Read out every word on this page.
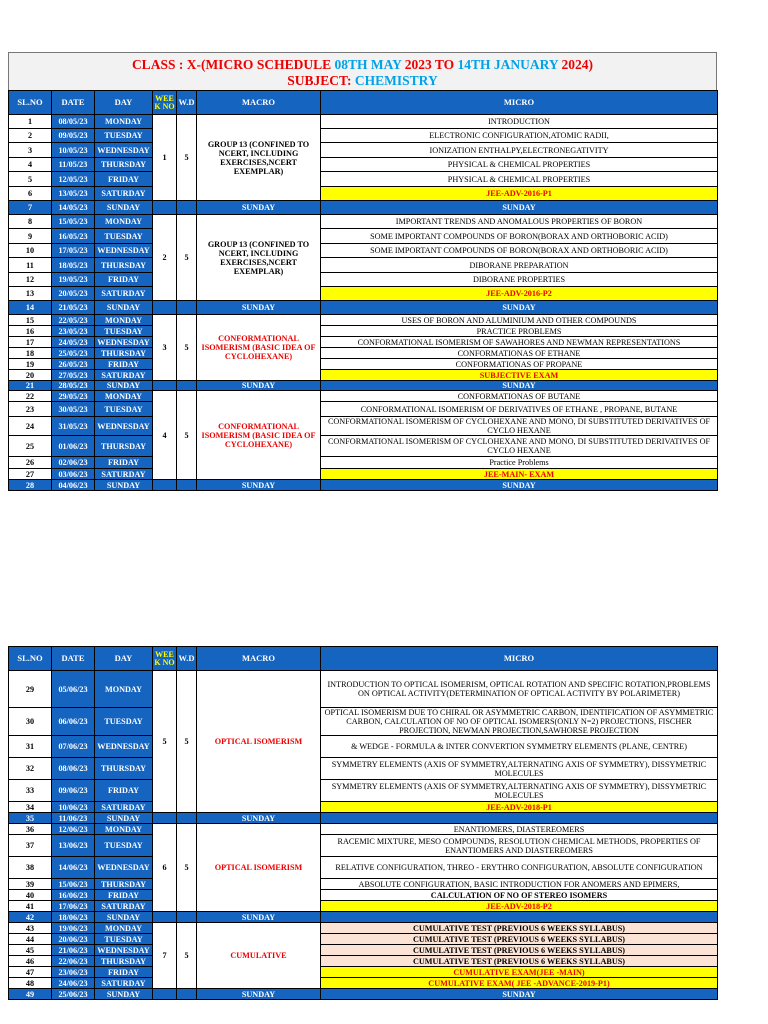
CLASS : X-(MICRO SCHEDULE 08TH MAY 2023 TO 14TH JANUARY 2024)
SUBJECT: CHEMISTRY
SL.NO	DATE	DAY	WEE K NO	W.D	MACRO	MICRO
1	08/05/23	MONDAY	1	5	GROUP 13 (CONFINED TO NCERT, INCLUDING EXERCISES,NCERT EXEMPLAR)	INTRODUCTION
2	09/05/23	TUESDAY				ELECTRONIC CONFIGURATION,ATOMIC RADII,
3	10/05/23	WEDNESDAY				IONIZATION ENTHALPY,ELECTRONEGATIVITY
4	11/05/23	THURSDAY				PHYSICAL & CHEMICAL PROPERTIES
5	12/05/23	FRIDAY				PHYSICAL & CHEMICAL PROPERTIES
6	13/05/23	SATURDAY				JEE-ADV-2016-P1
7	14/05/23	SUNDAY			SUNDAY	SUNDAY
8	15/05/23	MONDAY	2	5	GROUP 13 (CONFINED TO NCERT, INCLUDING EXERCISES,NCERT EXEMPLAR)	IMPORTANT TRENDS AND ANOMALOUS PROPERTIES OF BORON
9	16/05/23	TUESDAY				SOME IMPORTANT COMPOUNDS OF BORON(BORAX AND ORTHOBORIC ACID)
10	17/05/23	WEDNESDAY				SOME IMPORTANT COMPOUNDS OF BORON(BORAX AND ORTHOBORIC ACID)
11	18/05/23	THURSDAY				DIBORANE PREPARATION
12	19/05/23	FRIDAY				DIBORANE PROPERTIES
13	20/05/23	SATURDAY				JEE-ADV-2016-P2
14	21/05/23	SUNDAY			SUNDAY	SUNDAY
15	22/05/23	MONDAY	3	5	CONFORMATIONAL ISOMERISM (BASIC IDEA OF CYCLOHEXANE)	USES OF BORON AND ALUMINIUM AND OTHER COMPOUNDS
16	23/05/23	TUESDAY				PRACTICE PROBLEMS
17	24/05/23	WEDNESDAY				CONFORMATIONAL ISOMERISM OF SAWAHORES AND NEWMAN REPRESENTATIONS
18	25/05/23	THURSDAY				CONFORMATIONAS OF ETHANE
19	26/05/23	FRIDAY				CONFORMATIONAS OF PROPANE
20	27/05/23	SATURDAY				SUBJECTIVE EXAM
21	28/05/23	SUNDAY			SUNDAY	SUNDAY
22	29/05/23	MONDAY	4	5	CONFORMATIONAL ISOMERISM (BASIC IDEA OF CYCLOHEXANE)	CONFORMATIONAS OF BUTANE
23	30/05/23	TUESDAY				CONFORMATIONAL ISOMERISM OF DERIVATIVES OF ETHANE , PROPANE, BUTANE
24	31/05/23	WEDNESDAY				CONFORMATIONAL ISOMERISM OF CYCLOHEXANE AND MONO, DI SUBSTITUTED DERIVATIVES OF CYCLO HEXANE
25	01/06/23	THURSDAY				CONFORMATIONAL ISOMERISM OF CYCLOHEXANE AND MONO, DI SUBSTITUTED DERIVATIVES OF CYCLO HEXANE
26	02/06/23	FRIDAY				Practice Problems
27	03/06/23	SATURDAY				JEE-MAIN- EXAM
28	04/06/23	SUNDAY			SUNDAY	SUNDAY
SL.NO	DATE	DAY	WEE K NO	W.D	MACRO	MICRO
29	05/06/23	MONDAY	5	5	OPTICAL ISOMERISM	INTRODUCTION TO OPTICAL ISOMERISM, OPTICAL ROTATION AND SPECIFIC ROTATION,PROBLEMS ON OPTICAL ACTIVITY(DETERMINATION OF OPTICAL ACTIVITY BY POLARIMETER)
30	06/06/23	TUESDAY				OPTICAL ISOMERISM DUE TO CHIRAL OR ASYMMETRIC CARBON, IDENTIFICATION OF ASYMMETRIC CARBON, CALCULATION OF NO OF OPTICAL ISOMERS(ONLY N=2) PROJECTIONS, FISCHER PROJECTION, NEWMAN PROJECTION,SAWHORSE PROJECTION
31	07/06/23	WEDNESDAY				& WEDGE - FORMULA & INTER CONVERTION SYMMETRY ELEMENTS (PLANE, CENTRE)
32	08/06/23	THURSDAY				SYMMETRY ELEMENTS (AXIS OF SYMMETRY,ALTERNATING AXIS OF SYMMETRY), DISSYMETRIC MOLECULES
33	09/06/23	FRIDAY				SYMMETRY ELEMENTS (AXIS OF SYMMETRY,ALTERNATING AXIS OF SYMMETRY), DISSYMETRIC MOLECULES
34	10/06/23	SATURDAY				JEE-ADV-2018-P1
35	11/06/23	SUNDAY			SUNDAY	
36	12/06/23	MONDAY	6	5	OPTICAL ISOMERISM	ENANTIOMERS, DIASTEREOMERS
37	13/06/23	TUESDAY				RACEMIC MIXTURE, MESO COMPOUNDS, RESOLUTION CHEMICAL METHODS, PROPERTIES OF ENANTIOMERS AND DIASTEREOMERS
38	14/06/23	WEDNESDAY				RELATIVE CONFIGURATION, THREO - ERYTHRO CONFIGURATION, ABSOLUTE CONFIGURATION
39	15/06/23	THURSDAY				ABSOLUTE CONFIGURATION, BASIC INTRODUCTION FOR ANOMERS AND EPIMERS,
40	16/06/23	FRIDAY				CALCULATION OF NO OF STEREO ISOMERS
41	17/06/23	SATURDAY				JEE-ADV-2018-P2
42	18/06/23	SUNDAY			SUNDAY	
43	19/06/23	MONDAY	7	5	CUMULATIVE	CUMULATIVE TEST (PREVIOUS 6 WEEKS SYLLABUS)
44	20/06/23	TUESDAY				CUMULATIVE TEST (PREVIOUS 6 WEEKS SYLLABUS)
45	21/06/23	WEDNESDAY				CUMULATIVE TEST (PREVIOUS 6 WEEKS SYLLABUS)
46	22/06/23	THURSDAY				CUMULATIVE TEST (PREVIOUS 6 WEEKS SYLLABUS)
47	23/06/23	FRIDAY				CUMULATIVE EXAM(JEE -MAIN)
48	24/06/23	SATURDAY				CUMULATIVE EXAM( JEE -ADVANCE-2019-P1)
49	25/06/23	SUNDAY			SUNDAY	SUNDAY
